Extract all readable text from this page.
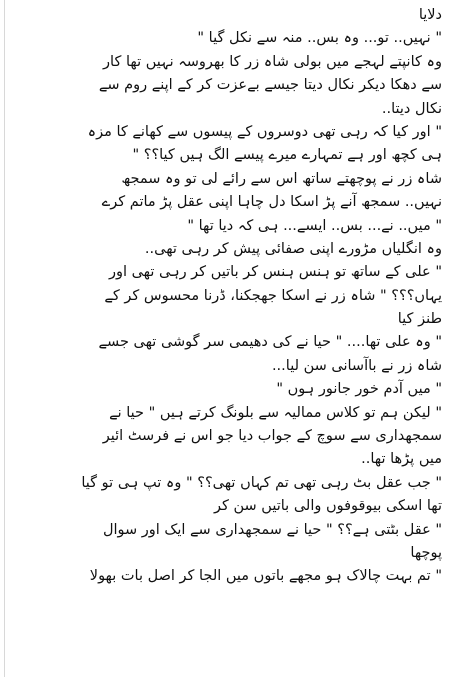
دلایا
" نہیں.. تو... وہ بس.. منہ سے نکل گیا "
وہ کانپتے لہجے میں بولی شاہ زر کا بھروسہ نہیں تھا کار
سے دھکا دیکر نکال دیتا جیسے بےعزت کر کے اپنے روم سے
نکال دیتا..
" اور کیا کہ رہی تھی دوسروں کے پیسوں سے کھانے کا مزہ
ہی کچھ اور ہے تمہارے میرے پیسے الگ ہیں کیا؟؟ "
شاہ زر نے پوچھتے ساتھ اس سے رائے لی تو وہ سمجھ
نہیں.. سمجھ آنے پڑ اسکا دل چاہا اپنی عقل پڑ ماتم کرے
" میں.. نے... بس.. ایسے... ہی کہ دیا تھا "
وہ انگلیاں مڑورے اپنی صفائی پیش کر رہی تھی..
" علی کے ساتھ تو ہنس ہنس کر باتیں کر رہی تھی اور
یہاں؟؟؟ " شاہ زر نے اسکا جھجکنا، ڈرنا محسوس کر کے
طنز کیا
" وہ علی تھا.... " حیا نے کی دھیمی سر گوشی تھی جسے
شاہ زر نے باآسانی سن لیا...
" میں آدم خور جانور ہوں "
" لیکن ہم تو کلاس ممالیہ سے بلونگ کرتے ہیں " حیا نے
سمجھداری سے سوچ کے جواب دیا جو اس نے فرسٹ ائیر
میں پڑھا تھا..
" جب عقل بٹ رہی تھی تم کہاں تھی؟؟ " وہ تپ ہی تو گیا
تھا اسکی بیوقوفوں والی باتیں سن کر
" عقل بٹتی ہے؟؟ " حیا نے سمجھداری سے ایک اور سوال
پوچھا
" تم بہت چالاک ہو مجھے باتوں میں الجا کر اصل بات بھولا
